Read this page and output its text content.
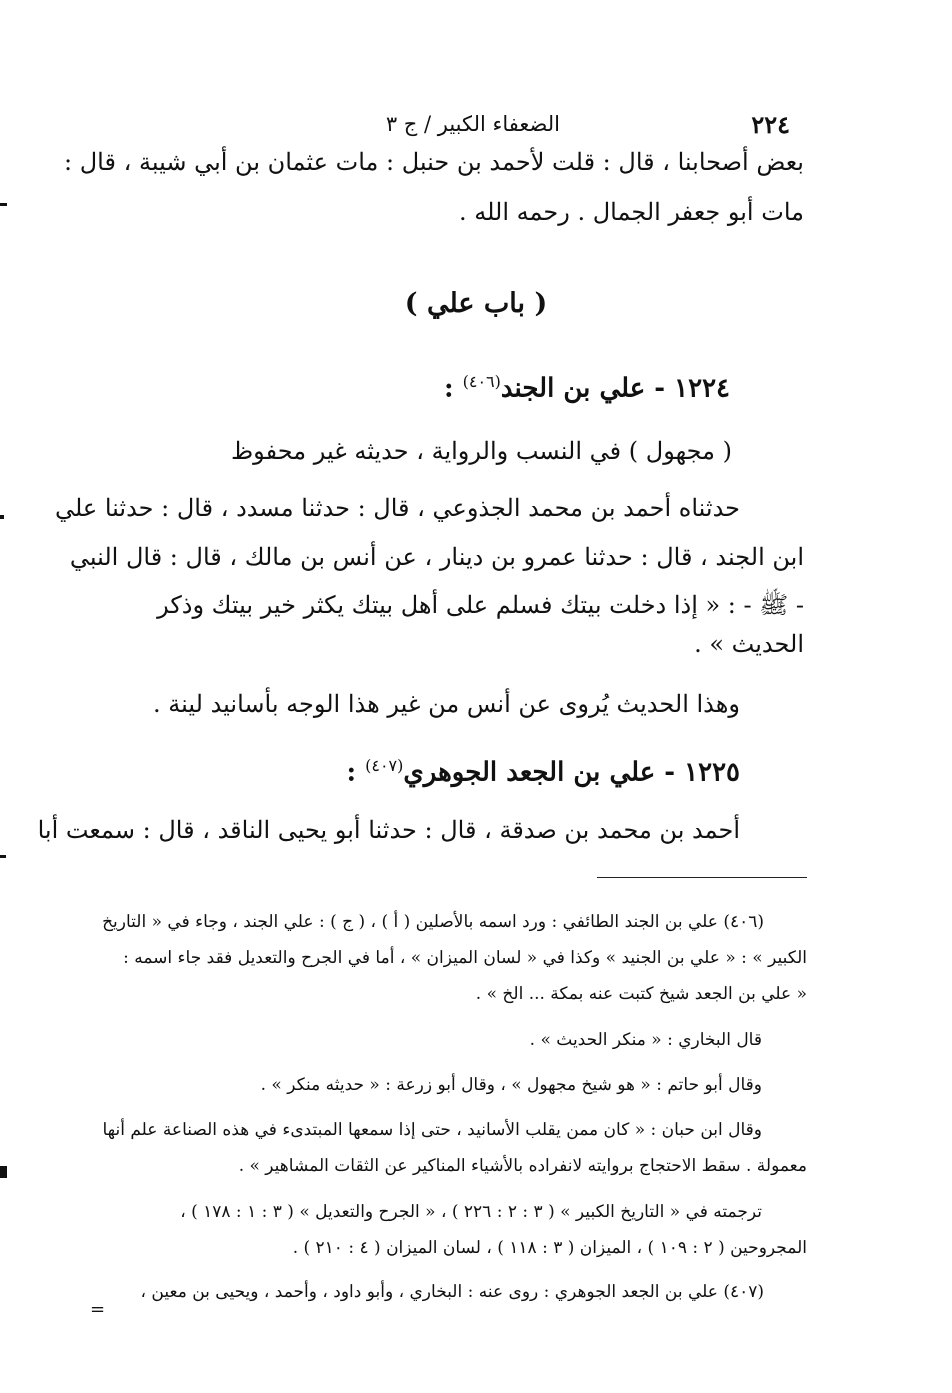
٢٢٤
الضعفاء الكبير / ج ٣
بعض أصحابنا ، قال : قلت لأحمد بن حنبل : مات عثمان بن أبي شيبة ، قال :
مات أبو جعفر الجمال . رحمه الله .
( باب علي )
١٢٢٤ - علي بن الجند$^{(٤٠٦)}$ :
( مجهول ) في النسب والرواية ، حديثه غير محفوظ
حدثناه أحمد بن محمد الجذوعي ، قال : حدثنا مسدد ، قال : حدثنا علي
ابن الجند ، قال : حدثنا عمرو بن دينار ، عن أنس بن مالك ، قال : قال النبي
- ﷺ - : « إذا دخلت بيتك فسلم على أهل بيتك يكثر خير بيتك وذكر
الحديث » .
وهذا الحديث يُروى عن أنس من غير هذا الوجه بأسانيد لينة .
١٢٢٥ - علي بن الجعد الجوهري$^{(٤٠٧)}$ :
أحمد بن محمد بن صدقة ، قال : حدثنا أبو يحيى الناقد ، قال : سمعت أبا
(٤٠٦) علي بن الجند الطائفي : ورد اسمه بالأصلين ( أ ) ، ( ج ) : علي الجند ، وجاء في « التاريخ
الكبير » : « علي بن الجنيد » وكذا في « لسان الميزان » ، أما في الجرح والتعديل فقد جاء اسمه :
« علي بن الجعد شيخ كتبت عنه بمكة ... الخ » .
قال البخاري : « منكر الحديث » .
وقال أبو حاتم : « هو شيخ مجهول » ، وقال أبو زرعة : « حديثه منكر » .
وقال ابن حبان : « كان ممن يقلب الأسانيد ، حتى إذا سمعها المبتدىء في هذه الصناعة علم أنها
معمولة . سقط الاحتجاج بروايته لانفراده بالأشياء المناكير عن الثقات المشاهير » .
ترجمته في « التاريخ الكبير » ( ٣ : ٢ : ٢٢٦ ) ، « الجرح والتعديل » ( ٣ : ١ : ١٧٨ ) ،
المجروحين ( ٢ : ١٠٩ ) ، الميزان ( ٣ : ١١٨ ) ، لسان الميزان ( ٤ : ٢١٠ ) .
(٤٠٧) علي بن الجعد الجوهري : روى عنه : البخاري ، وأبو داود ، وأحمد ، ويحيى بن معين ،
=
